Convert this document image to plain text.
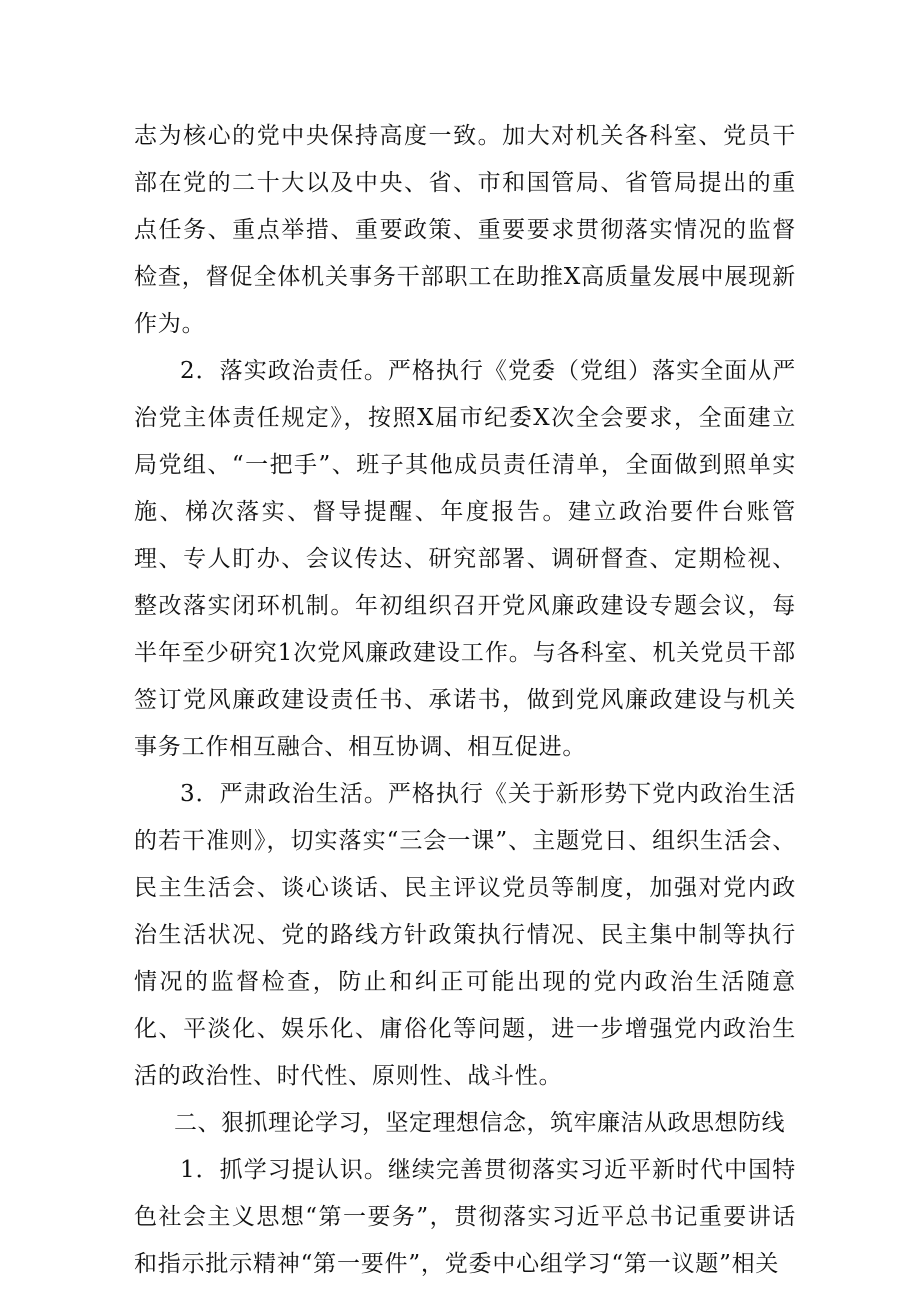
志为核心的党中央保持高度一致。加大对机关各科室、党员干部在党的二十大以及中央、省、市和国管局、省管局提出的重点任务、重点举措、重要政策、重要要求贯彻落实情况的监督检查，督促全体机关事务干部职工在助推X高质量发展中展现新作为。

2．落实政治责任。严格执行《党委（党组）落实全面从严治党主体责任规定》，按照X届市纪委X次全会要求，全面建立局党组、“一把手”、班子其他成员责任清单，全面做到照单实施、梯次落实、督导提醒、年度报告。建立政治要件台账管理、专人盯办、会议传达、研究部署、调研督查、定期检视、整改落实闭环机制。年初组织召开党风廉政建设专题会议，每半年至少研究1次党风廉政建设工作。与各科室、机关党员干部签订党风廉政建设责任书、承诺书，做到党风廉政建设与机关事务工作相互融合、相互协调、相互促进。

3．严肃政治生活。严格执行《关于新形势下党内政治生活的若干准则》，切实落实“三会一课”、主题党日、组织生活会、民主生活会、谈心谈话、民主评议党员等制度，加强对党内政治生活状况、党的路线方针政策执行情况、民主集中制等执行情况的监督检查，防止和纠正可能出现的党内政治生活随意化、平淡化、娱乐化、庸俗化等问题，进一步增强党内政治生活的政治性、时代性、原则性、战斗性。

二、狠抓理论学习，坚定理想信念，筑牢廉洁从政思想防线

1．抓学习提认识。继续完善贯彻落实习近平新时代中国特色社会主义思想“第一要务”，贯彻落实习近平总书记重要讲话和指示批示精神“第一要件”，党委中心组学习“第一议题”相关
